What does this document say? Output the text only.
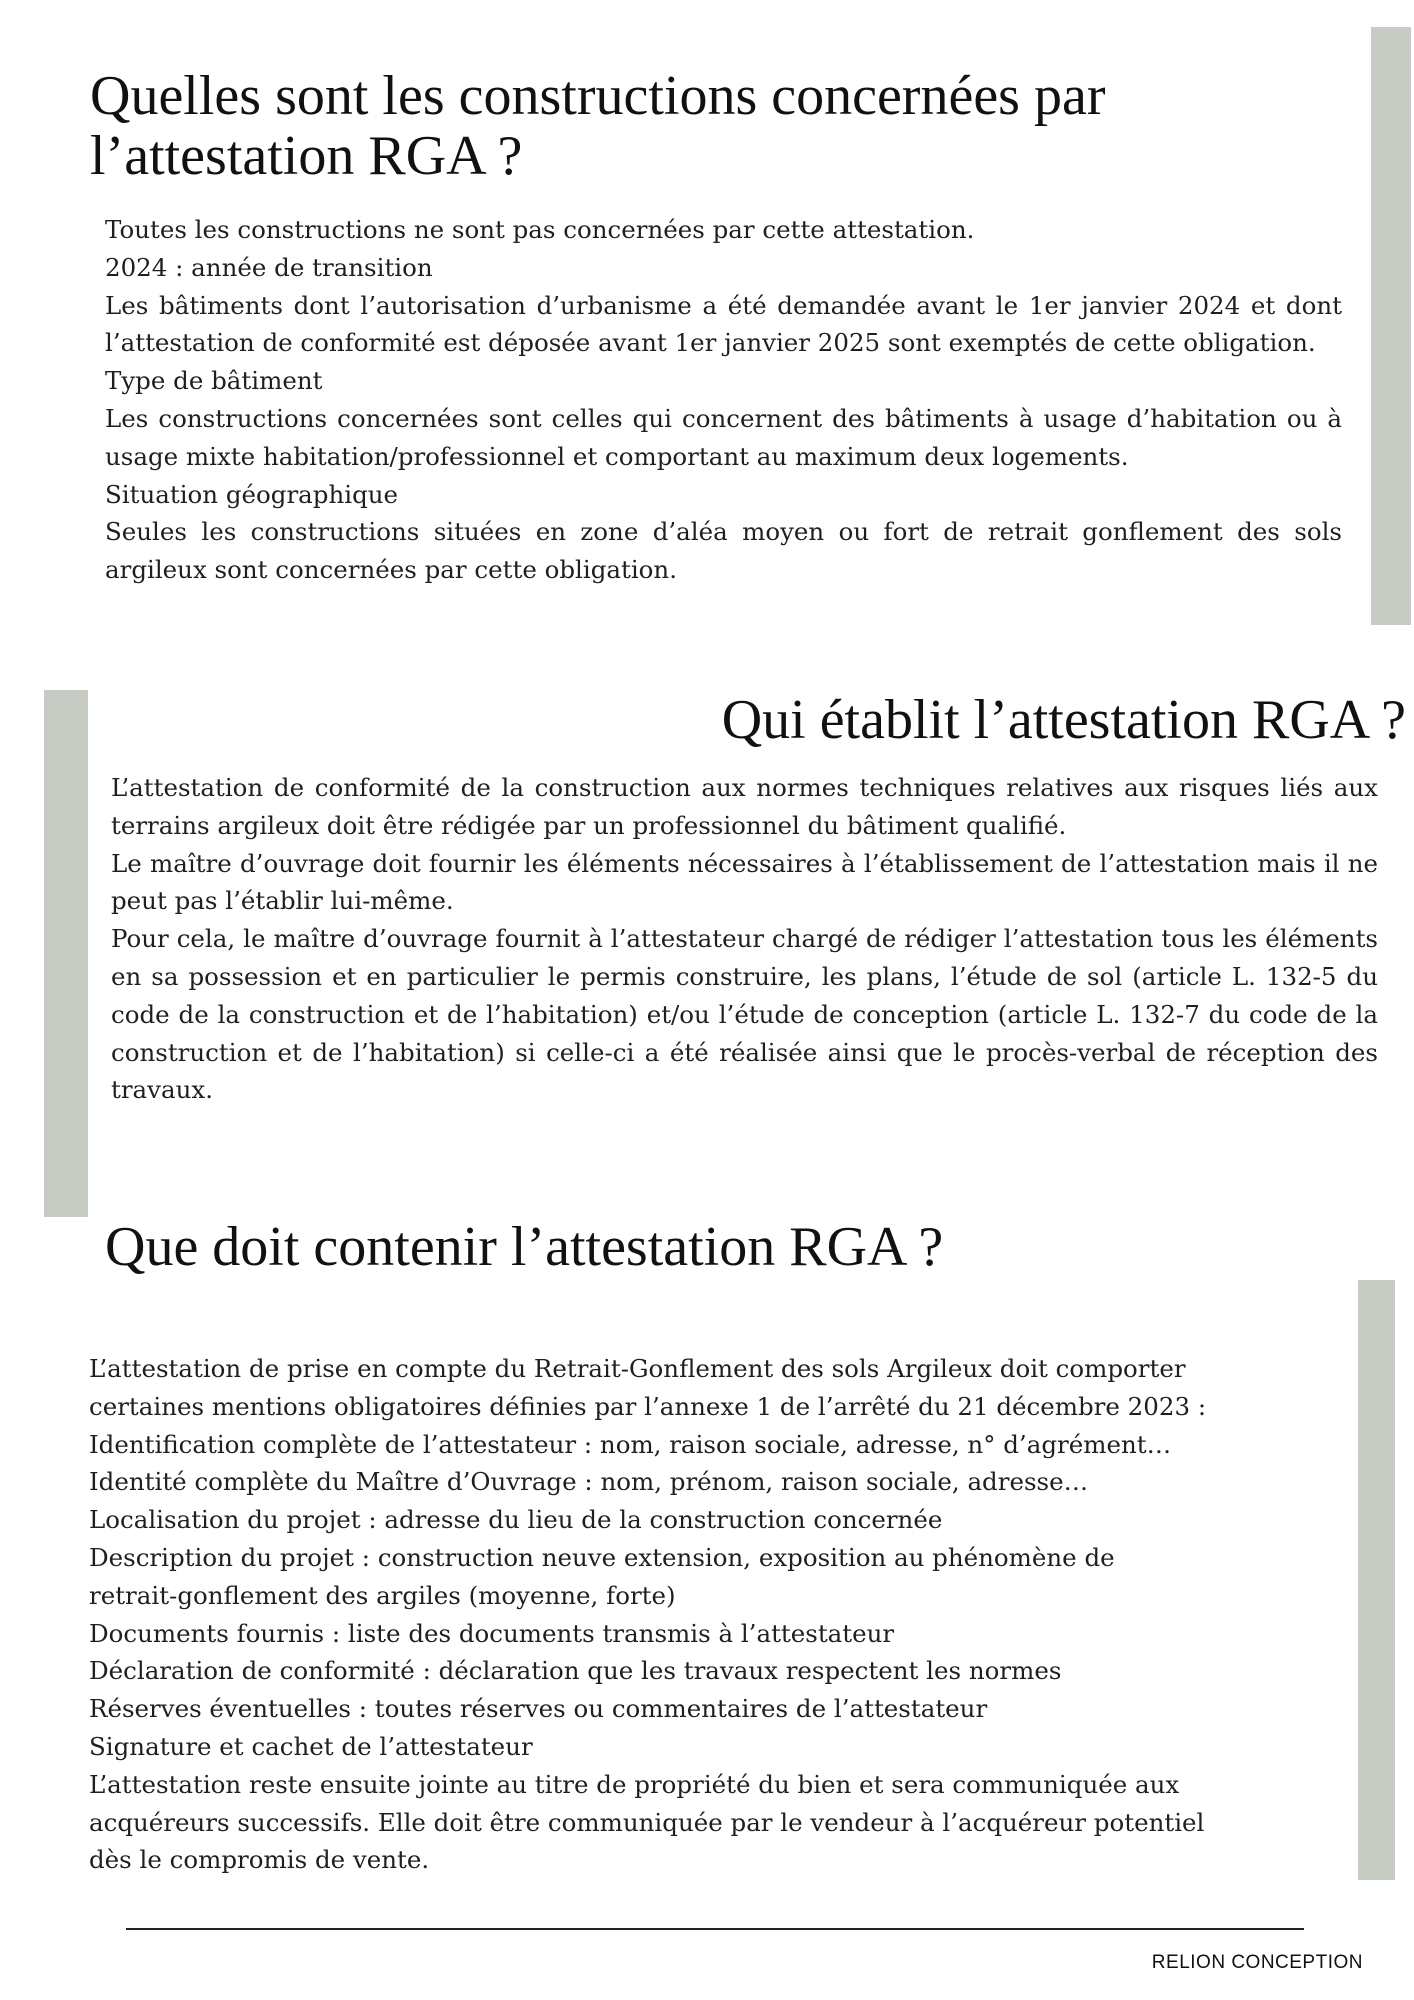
Quelles sont les constructions concernées par l’attestation RGA ?

Toutes les constructions ne sont pas concernées par cette attestation.

2024 : année de transition

Les bâtiments dont l’autorisation d’urbanisme a été demandée avant le 1er janvier 2024 et dont l’attestation de conformité est déposée avant 1er janvier 2025 sont exemptés de cette obligation.

Type de bâtiment

Les constructions concernées sont celles qui concernent des bâtiments à usage d’habitation ou à usage mixte habitation/professionnel et comportant au maximum deux logements.

Situation géographique

Seules les constructions situées en zone d’aléa moyen ou fort de retrait gonflement des sols argileux sont concernées par cette obligation.

Qui établit l’attestation RGA ?

L’attestation de conformité de la construction aux normes techniques relatives aux risques liés aux terrains argileux doit être rédigée par un professionnel du bâtiment qualifié.

Le maître d’ouvrage doit fournir les éléments nécessaires à l’établissement de l’attestation mais il ne peut pas l’établir lui-même.

Pour cela, le maître d’ouvrage fournit à l’attestateur chargé de rédiger l’attestation tous les éléments en sa possession et en particulier le permis construire, les plans, l’étude de sol (article L. 132-5 du code de la construction et de l’habitation) et/ou l’étude de conception (article L. 132-7 du code de la construction et de l’habitation) si celle-ci a été réalisée ainsi que le procès-verbal de réception des travaux.

Que doit contenir l’attestation RGA ?

L’attestation de prise en compte du Retrait-Gonflement des sols Argileux doit comporter

certaines mentions obligatoires définies par l’annexe 1 de l’arrêté du 21 décembre 2023 :

Identification complète de l’attestateur : nom, raison sociale, adresse, n° d’agrément…

Identité complète du Maître d’Ouvrage : nom, prénom, raison sociale, adresse…

Localisation du projet : adresse du lieu de la construction concernée

Description du projet : construction neuve extension, exposition au phénomène de

retrait-gonflement des argiles (moyenne, forte)

Documents fournis : liste des documents transmis à l’attestateur

Déclaration de conformité : déclaration que les travaux respectent les normes

Réserves éventuelles : toutes réserves ou commentaires de l’attestateur

Signature et cachet de l’attestateur

L’attestation reste ensuite jointe au titre de propriété du bien et sera communiquée aux

acquéreurs successifs. Elle doit être communiquée par le vendeur à l’acquéreur potentiel

dès le compromis de vente.

RELION CONCEPTION
